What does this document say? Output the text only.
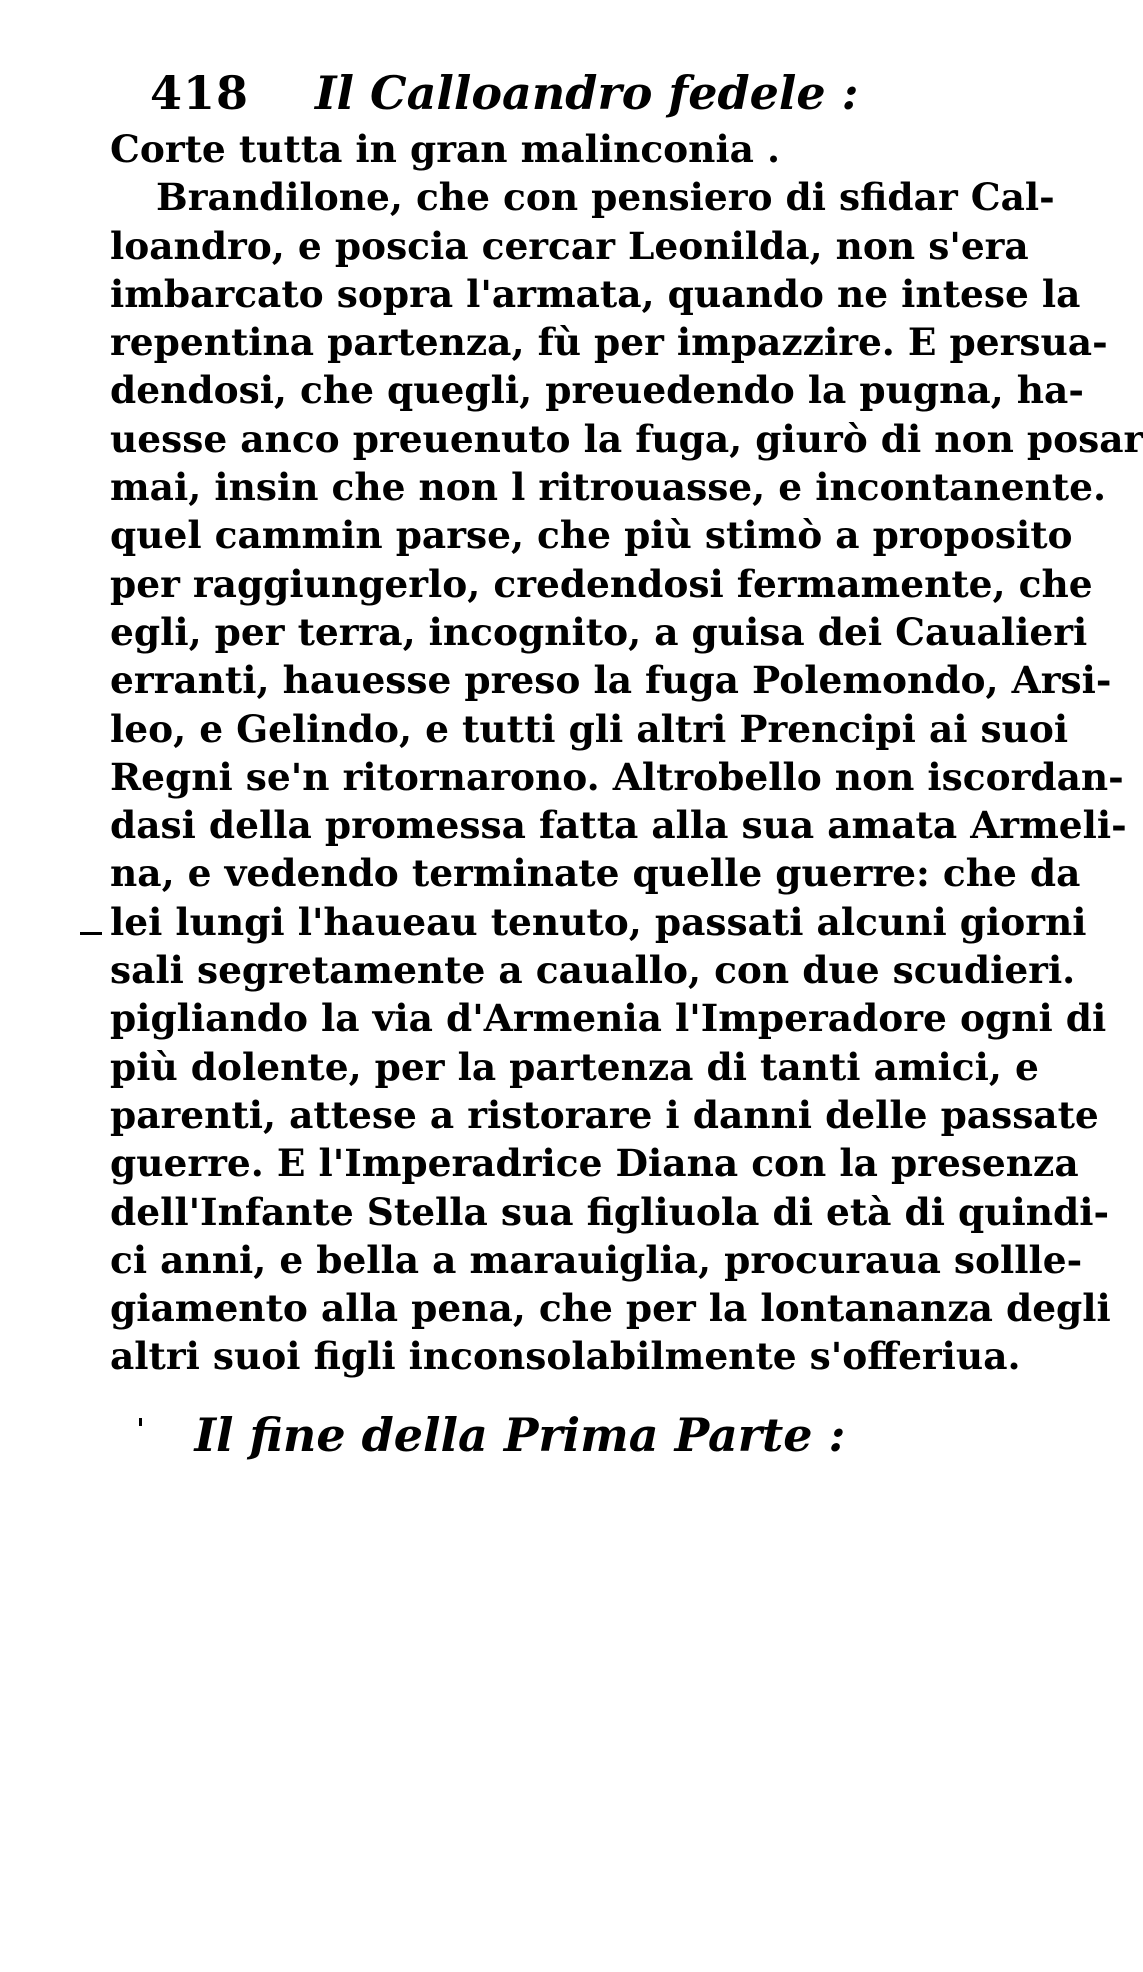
418 Il Calloandro fedele :
Corte tutta in gran malinconia .
Brandilone, che con pensiero di sfidar Cal-
loandro, e poscia cercar Leonilda, non s'era
imbarcato sopra l'armata, quando ne intese la
repentina partenza, fù per impazzire. E persua-
dendosi, che quegli, preuedendo la pugna, ha-
uesse anco preuenuto la fuga, giurò di non posar
mai, insin che non l ritrouasse, e incontanente.
quel cammin parse, che più stimò a proposito
per raggiungerlo, credendosi fermamente, che
egli, per terra, incognito, a guisa dei Caualieri
erranti, hauesse preso la fuga Polemondo, Arsi-
leo, e Gelindo, e tutti gli altri Prencipi ai suoi
Regni se'n ritornarono. Altrobello non iscordan-
dasi della promessa fatta alla sua amata Armeli-
na, e vedendo terminate quelle guerre: che da
lei lungi l'haueau tenuto, passati alcuni giorni
sali segretamente a cauallo, con due scudieri.
pigliando la via d'Armenia l'Imperadore ogni di
più dolente, per la partenza di tanti amici, e
parenti, attese a ristorare i danni delle passate
guerre. E l'Imperadrice Diana con la presenza
dell'Infante Stella sua figliuola di età di quindi-
ci anni, e bella a marauiglia, procuraua sollle-
giamento alla pena, che per la lontananza degli
altri suoi figli inconsolabilmente s'offeriua.
Il fine della Prima Parte :
